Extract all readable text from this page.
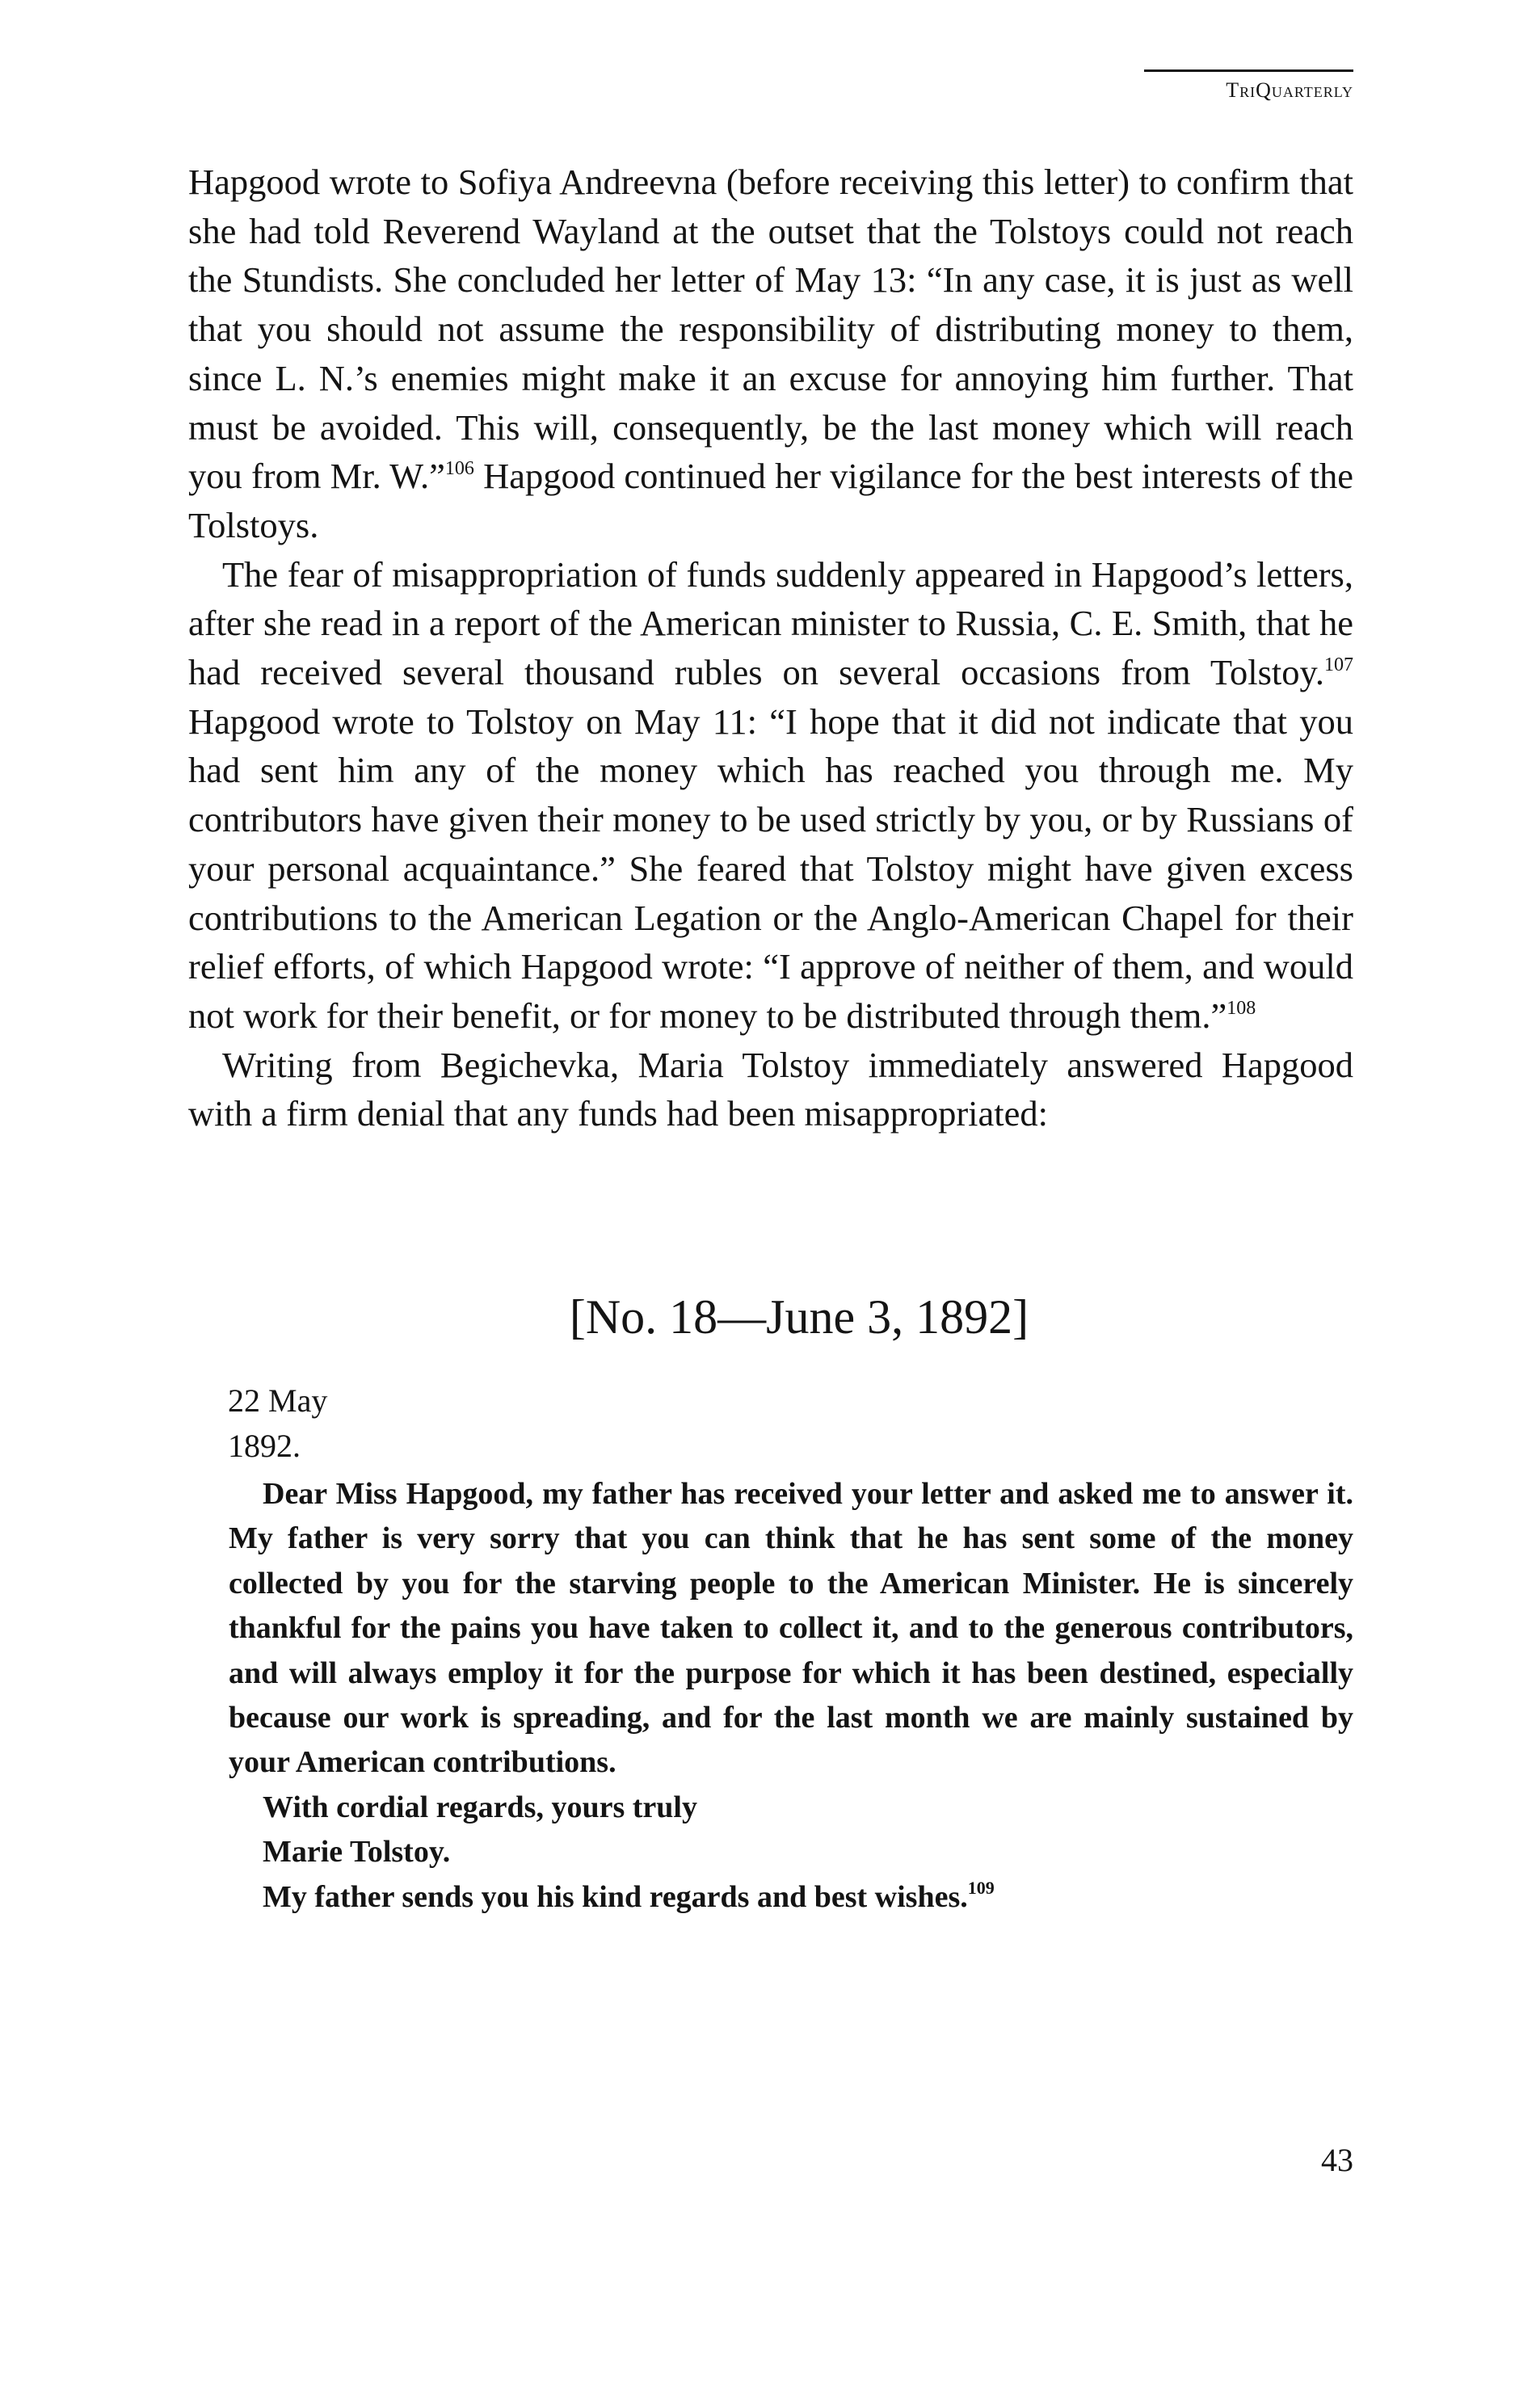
TriQuarterly

Hapgood wrote to Sofiya Andreevna (before receiving this letter) to confirm that she had told Reverend Wayland at the outset that the Tolstoys could not reach the Stundists. She concluded her letter of May 13: “In any case, it is just as well that you should not assume the responsibility of distributing money to them, since L. N.’s enemies might make it an excuse for annoying him further. That must be avoided. This will, consequently, be the last money which will reach you from Mr. W.”$^{106}$ Hapgood continued her vigilance for the best interests of the Tolstoys.

The fear of misappropriation of funds suddenly appeared in Hapgood’s letters, after she read in a report of the American minister to Russia, C. E. Smith, that he had received several thousand rubles on several occasions from Tolstoy.$^{107}$ Hapgood wrote to Tolstoy on May 11: “I hope that it did not indicate that you had sent him any of the money which has reached you through me. My contributors have given their money to be used strictly by you, or by Russians of your personal acquaintance.” She feared that Tolstoy might have given excess contributions to the American Legation or the Anglo-American Chapel for their relief efforts, of which Hapgood wrote: “I approve of neither of them, and would not work for their benefit, or for money to be distributed through them.”$^{108}$

Writing from Begichevka, Maria Tolstoy immediately answered Hapgood with a firm denial that any funds had been misappropriated:

[No. 18—June 3, 1892]
22 May
1892.

Dear Miss Hapgood, my father has received your letter and asked me to answer it. My father is very sorry that you can think that he has sent some of the money collected by you for the starving people to the American Minister. He is sincerely thankful for the pains you have taken to collect it, and to the generous contributors, and will always employ it for the purpose for which it has been destined, especially because our work is spreading, and for the last month we are mainly sustained by your American contributions.

With cordial regards, yours truly

Marie Tolstoy.

My father sends you his kind regards and best wishes.$^{109}$

43
